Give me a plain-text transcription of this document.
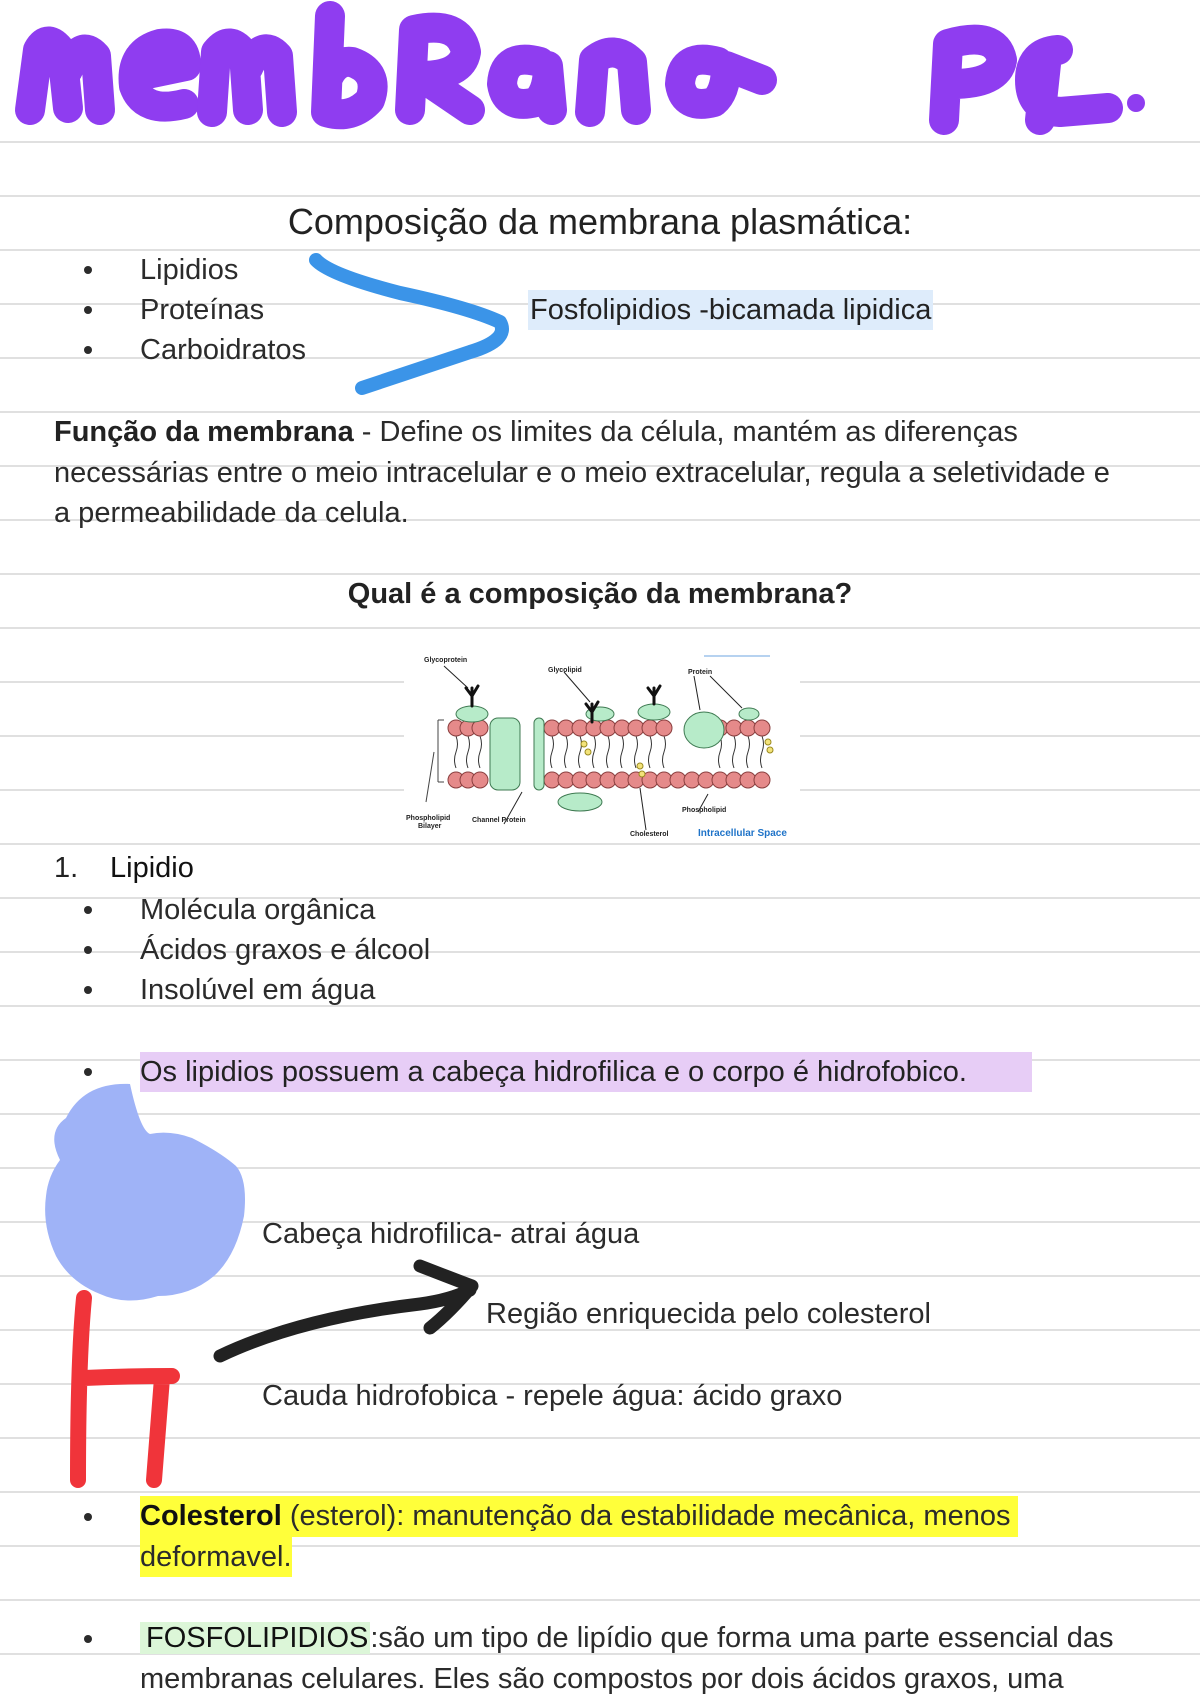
Composição da membrana plasmática:
Lipidios
Proteínas
Carboidratos
Fosfolipidios -bicamada lipidica
Função da membrana - Define os limites da célula, mantém as diferenças
necessárias entre o meio intracelular e o meio extracelular, regula a seletividade e
a permeabilidade da celula.
Qual é a composição da membrana?
Glycoprotein
Glycolipid	Protein
Phospholipid
Bilayer
Channel Protein
Cholesterol
Phospholipid
Intracellular Space
1. Lipidio
Molécula orgânica
Ácidos graxos e álcool
Insolúvel em água
Os lipidios possuem a cabeça hidrofilica e o corpo é hidrofobico.
Cabeça hidrofilica- atrai água
Região enriquecida pelo colesterol
Cauda hidrofobica - repele água: ácido graxo
Colesterol (esterol): manutenção da estabilidade mecânica, menos
deformavel.
FOSFOLIPIDIOS:são um tipo de lipídio que forma uma parte essencial das
membranas celulares. Eles são compostos por dois ácidos graxos, uma
